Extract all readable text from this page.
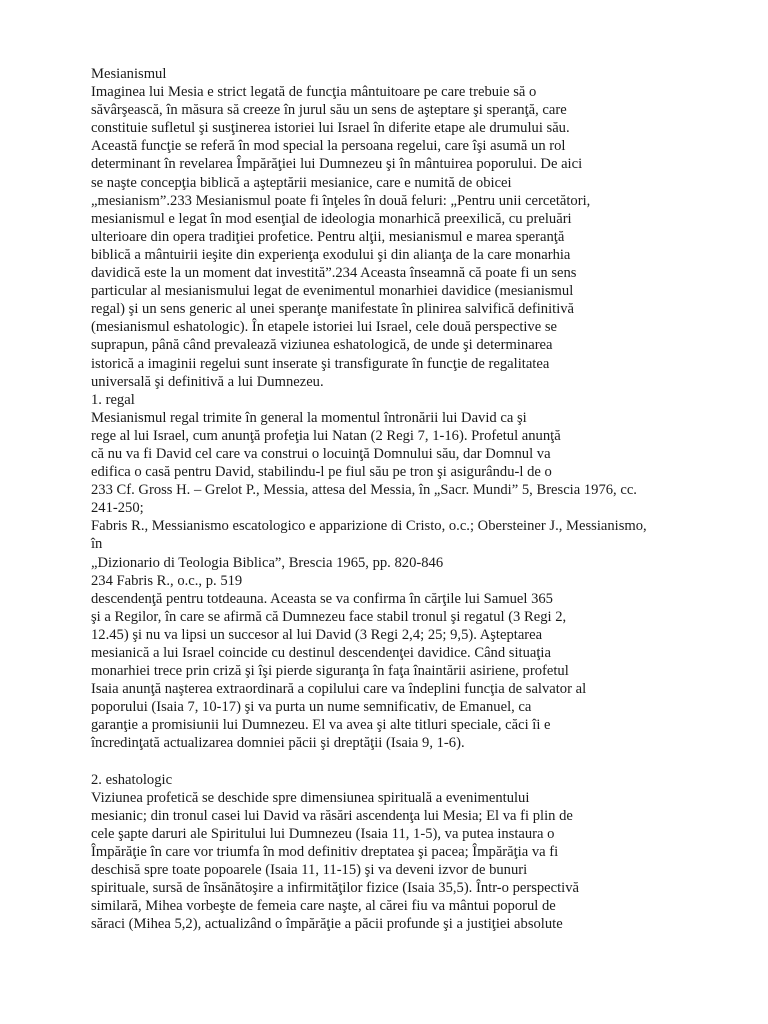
Mesianismul
Imaginea lui Mesia e strict legată de funcţia mântuitoare pe care trebuie să o
săvârşească, în măsura să creeze în jurul său un sens de aşteptare şi speranţă, care
constituie sufletul şi susţinerea istoriei lui Israel în diferite etape ale drumului său.
Această funcţie se referă în mod special la persoana regelui, care îşi asumă un rol
determinant în revelarea Împărăţiei lui Dumnezeu şi în mântuirea poporului. De aici
se naşte concepţia biblică a aşteptării mesianice, care e numită de obicei
„mesianism”.233 Mesianismul poate fi înţeles în două feluri: „Pentru unii cercetători,
mesianismul e legat în mod esenţial de ideologia monarhică preexilică, cu preluări
ulterioare din opera tradiţiei profetice. Pentru alţii, mesianismul e marea speranţă
biblică a mântuirii ieşite din experienţa exodului şi din alianţa de la care monarhia
davidică este la un moment dat investită”.234 Aceasta înseamnă că poate fi un sens
particular al mesianismului legat de evenimentul monarhiei davidice (mesianismul
regal) şi un sens generic al unei speranţe manifestate în plinirea salvifică definitivă
(mesianismul eshatologic). În etapele istoriei lui Israel, cele două perspective se
suprapun, până când prevalează viziunea eshatologică, de unde şi determinarea
istorică a imaginii regelui sunt inserate şi transfigurate în funcţie de regalitatea
universală şi definitivă a lui Dumnezeu.
1. regal
Mesianismul regal trimite în general la momentul întronării lui David ca şi
rege al lui Israel, cum anunţă profeţia lui Natan (2 Regi 7, 1-16). Profetul anunţă
că nu va fi David cel care va construi o locuinţă Domnului său, dar Domnul va
edifica o casă pentru David, stabilindu-l pe fiul său pe tron şi asigurându-l de o
233 Cf. Gross H. – Grelot P., Messia, attesa del Messia, în „Sacr. Mundi” 5, Brescia 1976, cc.
241-250;
Fabris R., Messianismo escatologico e apparizione di Cristo, o.c.; Obersteiner J., Messianismo,
în
„Dizionario di Teologia Biblica”, Brescia 1965, pp. 820-846
234 Fabris R., o.c., p. 519
descendenţă pentru totdeauna. Aceasta se va confirma în cărţile lui Samuel 365
şi a Regilor, în care se afirmă că Dumnezeu face stabil tronul şi regatul (3 Regi 2,
12.45) şi nu va lipsi un succesor al lui David (3 Regi 2,4; 25; 9,5). Aşteptarea
mesianică a lui Israel coincide cu destinul descendenţei davidice. Când situaţia
monarhiei trece prin criză şi îşi pierde siguranţa în faţa înaintării asiriene, profetul
Isaia anunţă naşterea extraordinară a copilului care va îndeplini funcţia de salvator al
poporului (Isaia 7, 10-17) şi va purta un nume semnificativ, de Emanuel, ca
garanţie a promisiunii lui Dumnezeu. El va avea şi alte titluri speciale, căci îi e
încredinţată actualizarea domniei păcii şi dreptăţii (Isaia 9, 1-6).
2. eshatologic
Viziunea profetică se deschide spre dimensiunea spirituală a evenimentului
mesianic; din tronul casei lui David va răsări ascendenţa lui Mesia; El va fi plin de
cele şapte daruri ale Spiritului lui Dumnezeu (Isaia 11, 1-5), va putea instaura o
Împărăţie în care vor triumfa în mod definitiv dreptatea şi pacea; Împărăţia va fi
deschisă spre toate popoarele (Isaia 11, 11-15) şi va deveni izvor de bunuri
spirituale, sursă de însănătoşire a infirmităţilor fizice (Isaia 35,5). Într-o perspectivă
similară, Mihea vorbeşte de femeia care naşte, al cărei fiu va mântui poporul de
săraci (Mihea 5,2), actualizând o împărăţie a păcii profunde şi a justiţiei absolute
